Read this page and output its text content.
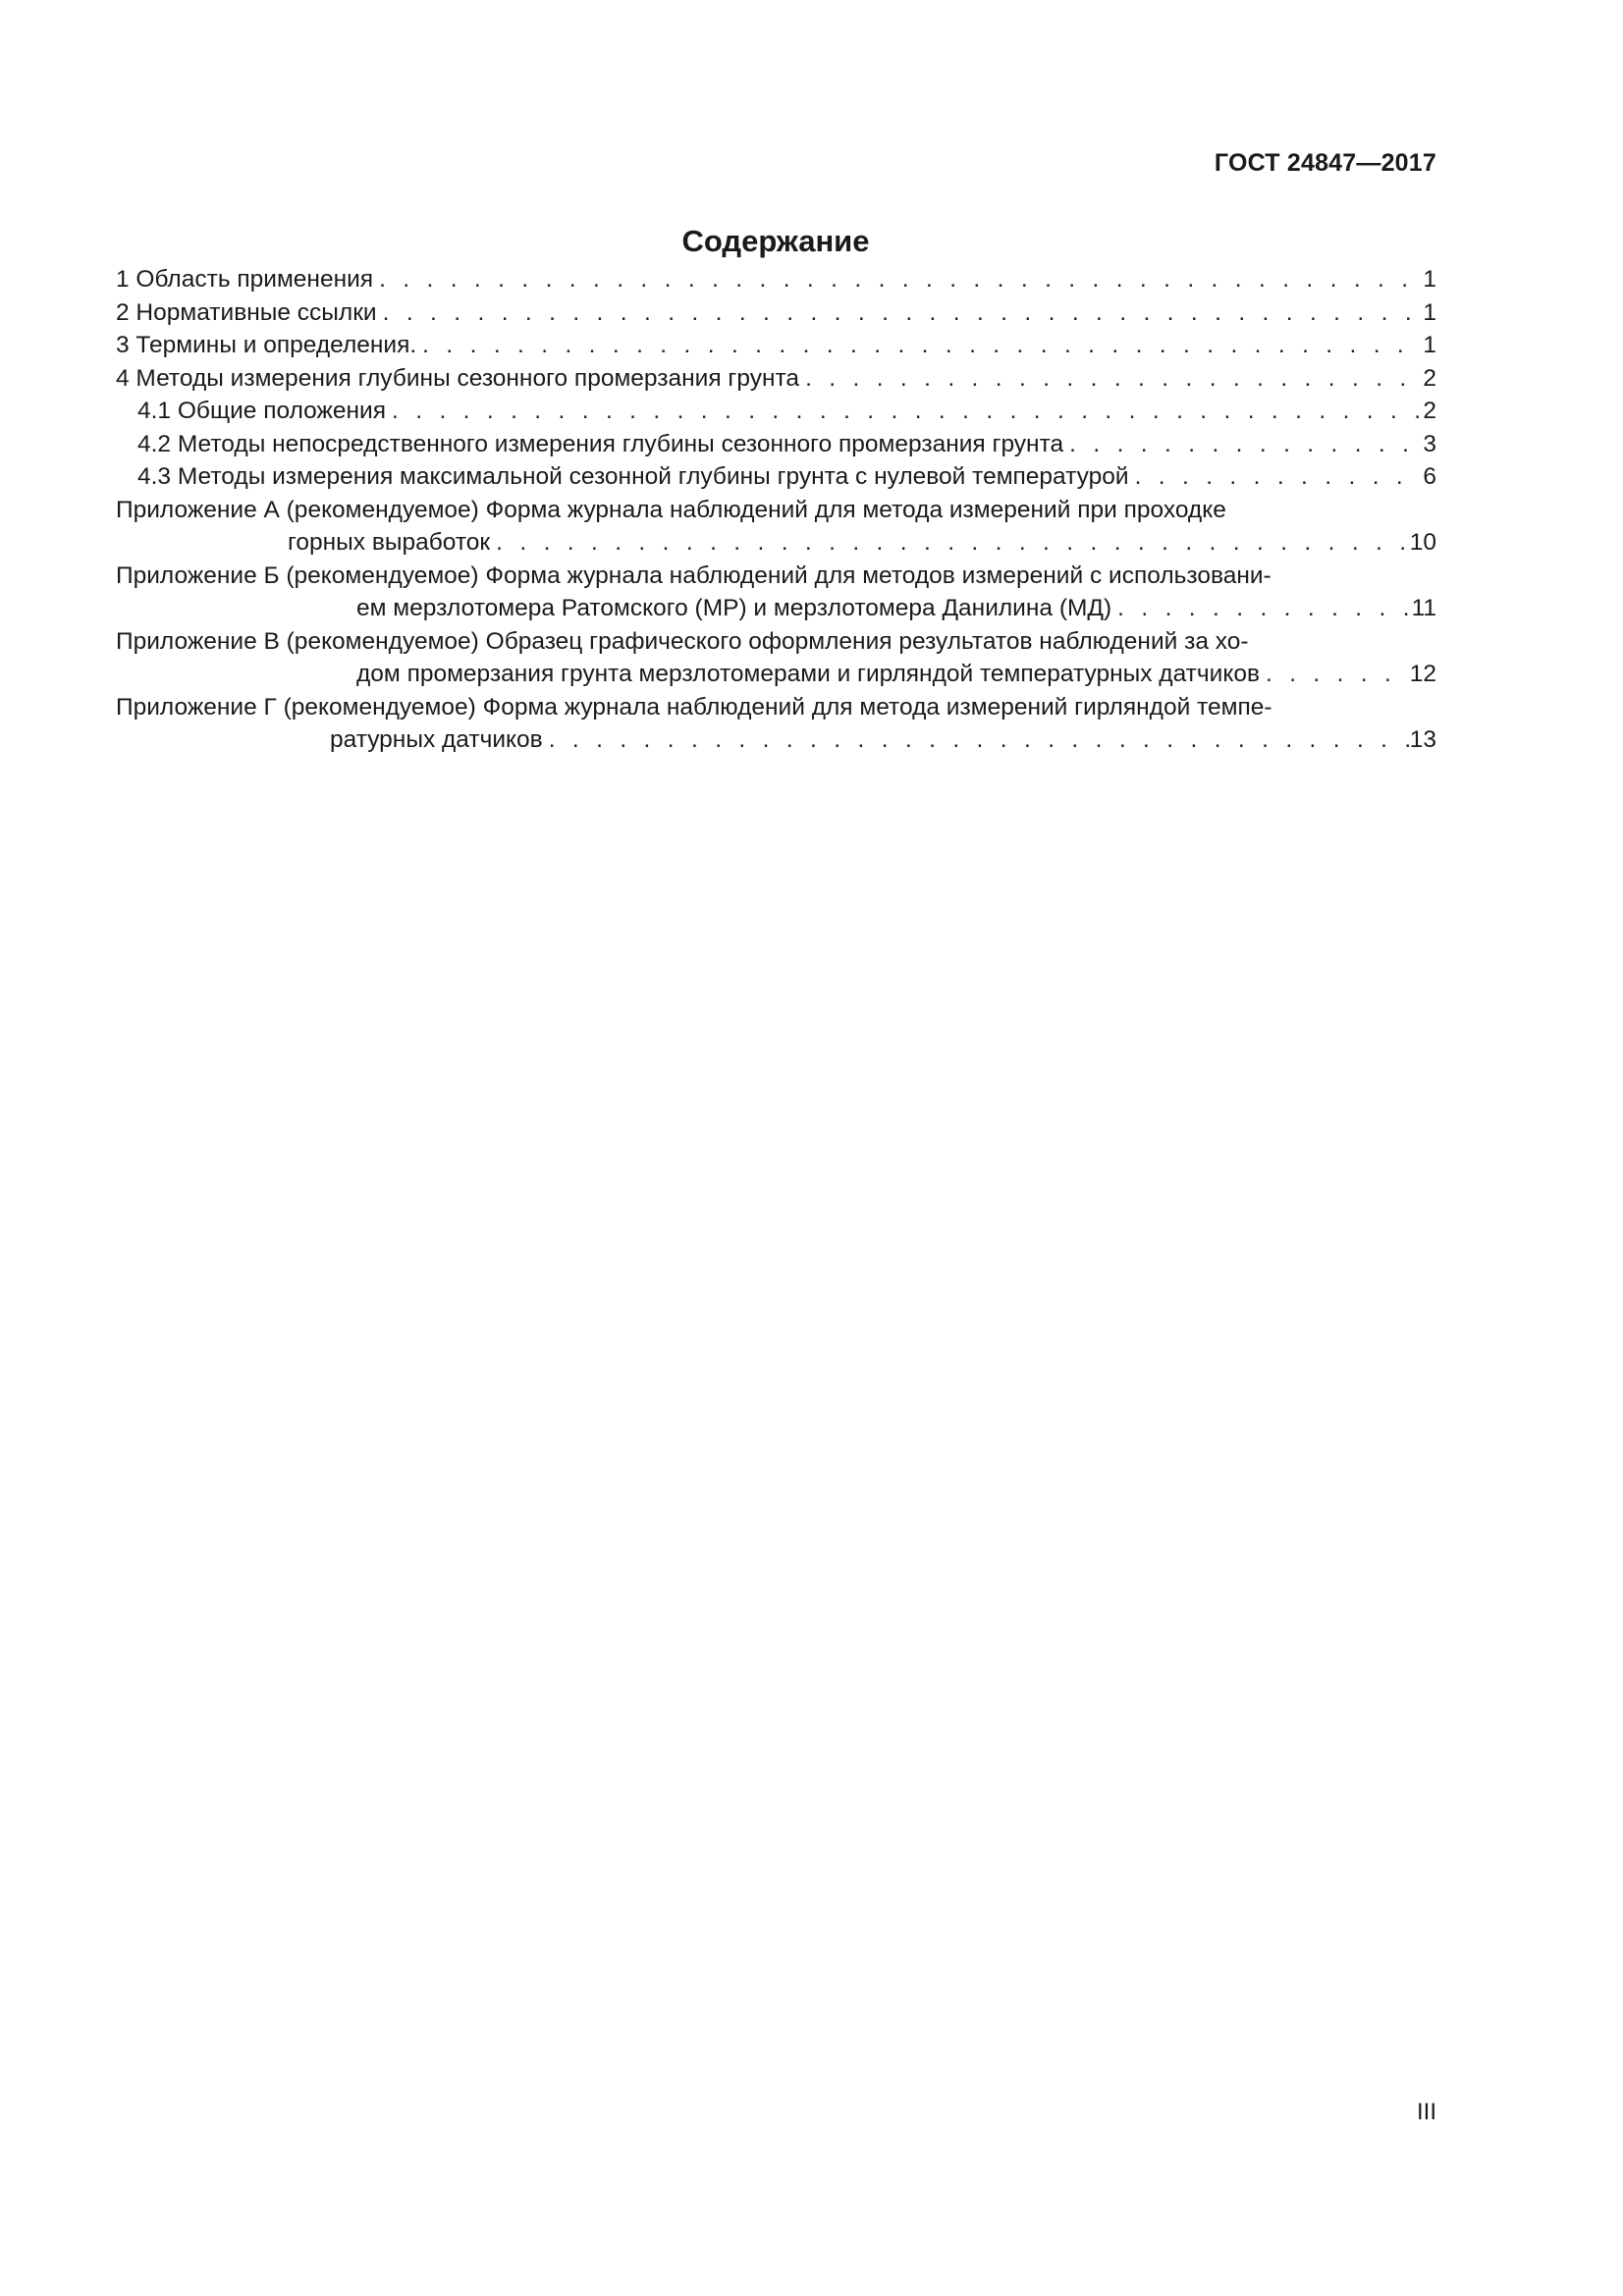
ГОСТ 24847—2017
Содержание
1 Область применения . . .	1
2 Нормативные ссылки . . .	1
3 Термины и определения. . . .	1
4 Методы измерения глубины сезонного промерзания грунта . . .	2
4.1 Общие положения . . .	2
4.2 Методы непосредственного измерения глубины сезонного промерзания грунта . . .	3
4.3 Методы измерения максимальной сезонной глубины грунта с нулевой температурой . . .	6
Приложение А (рекомендуемое) Форма журнала наблюдений для метода измерений при проходке
горных выработок . . .	10
Приложение Б (рекомендуемое) Форма журнала наблюдений для методов измерений с использовани-
ем мерзлотомера Ратомского (МР) и мерзлотомера Данилина (МД) . . .	11
Приложение В (рекомендуемое) Образец графического оформления результатов наблюдений за хо-
дом промерзания грунта мерзлотомерами и гирляндой температурных датчиков . . .	12
Приложение Г (рекомендуемое) Форма журнала наблюдений для метода измерений гирляндой темпе-
ратурных датчиков . . .	13
III
